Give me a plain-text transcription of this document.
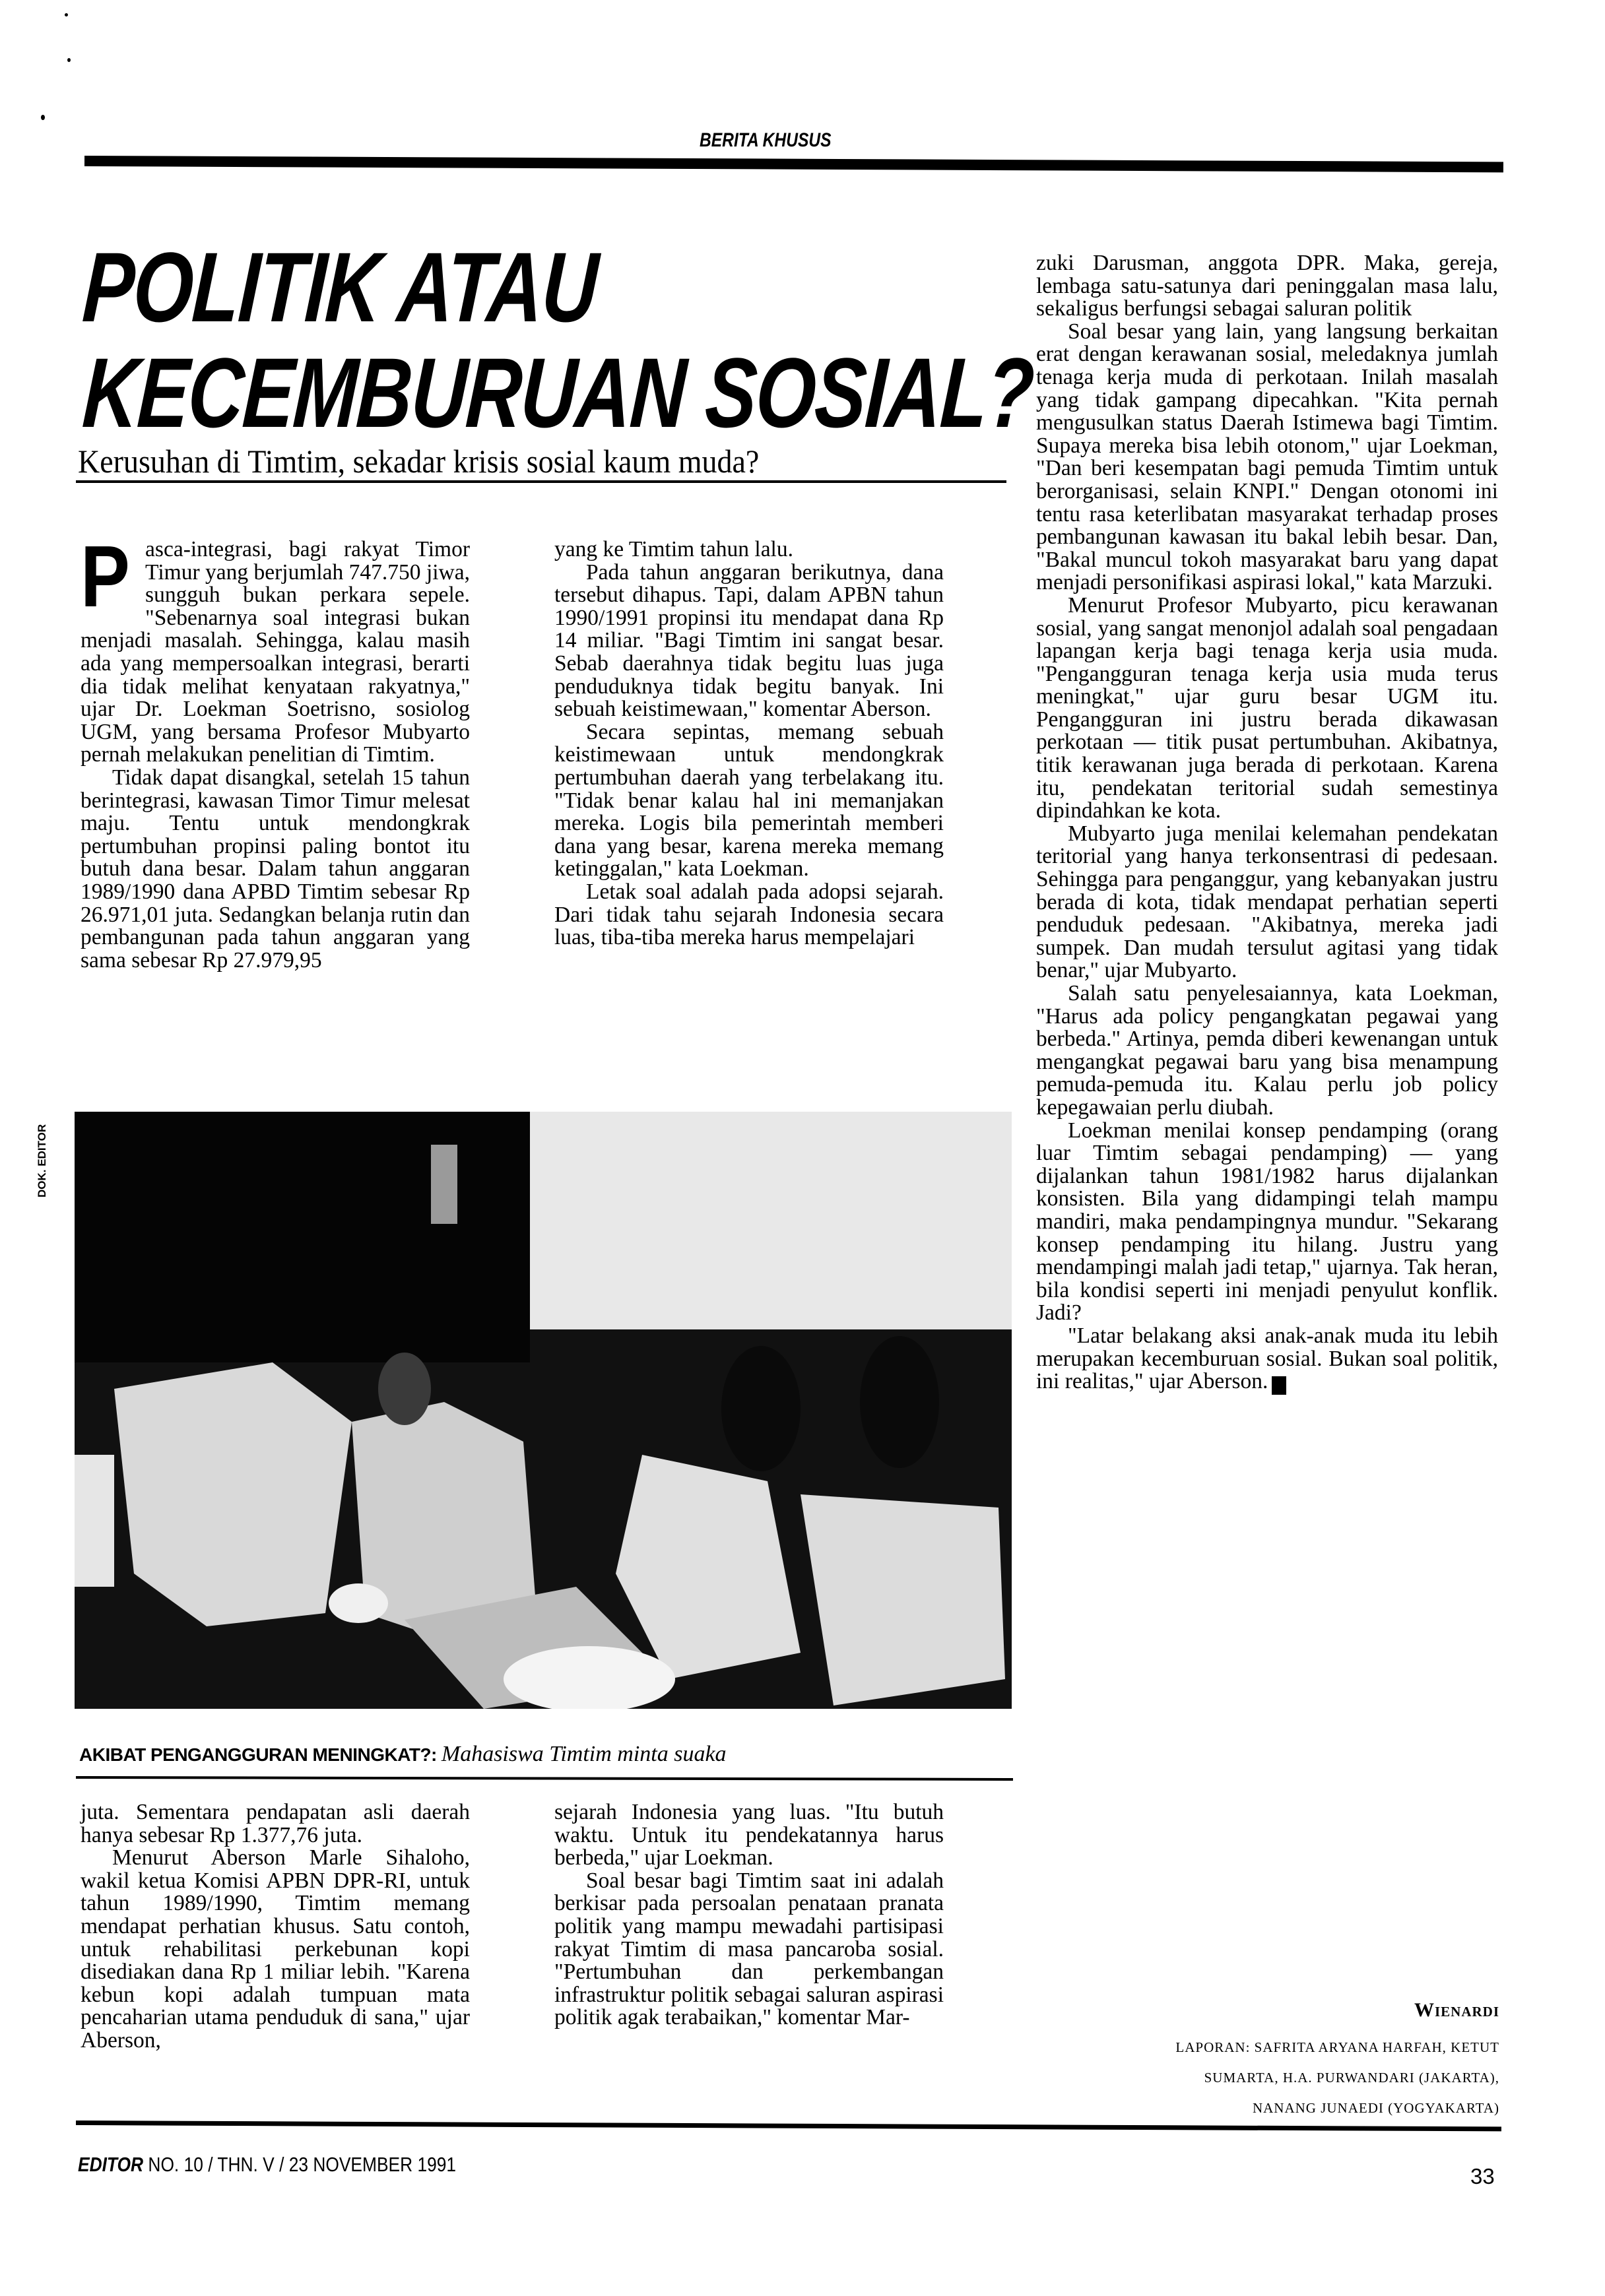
BERITA KHUSUS
POLITIK ATAU
KECEMBURUAN SOSIAL?
Kerusuhan di Timtim, sekadar krisis sosial kaum muda?
P asca-integrasi, bagi rakyat Timor Timur yang berjumlah 747.750 jiwa, sungguh bukan perkara sepele. "Sebenarnya soal integrasi bukan menjadi masalah. Sehingga, kalau masih ada yang mempersoalkan integrasi, berarti dia tidak melihat kenyataan rakyatnya," ujar Dr. Loekman Soetrisno, sosiolog UGM, yang bersama Profesor Mubyarto pernah melakukan penelitian di Timtim.

Tidak dapat disangkal, setelah 15 tahun berintegrasi, kawasan Timor Timur melesat maju. Tentu untuk mendongkrak pertumbuhan propinsi paling bontot itu butuh dana besar. Dalam tahun anggaran 1989/1990 dana APBD Timtim sebesar Rp 26.971,01 juta. Sedangkan belanja rutin dan pembangunan pada tahun anggaran yang sama sebesar Rp 27.979,95

yang ke Timtim tahun lalu.

Pada tahun anggaran berikutnya, dana tersebut dihapus. Tapi, dalam APBN tahun 1990/1991 propinsi itu mendapat dana Rp 14 miliar. "Bagi Timtim ini sangat besar. Sebab daerahnya tidak begitu luas juga penduduknya tidak begitu banyak. Ini sebuah keistimewaan," komentar Aberson.

Secara sepintas, memang sebuah keistimewaan untuk mendongkrak pertumbuhan daerah yang terbelakang itu. "Tidak benar kalau hal ini memanjakan mereka. Logis bila pemerintah memberi dana yang besar, karena mereka memang ketinggalan," kata Loekman.

Letak soal adalah pada adopsi sejarah. Dari tidak tahu sejarah Indonesia secara luas, tiba-tiba mereka harus mempelajari

DOK. EDITOR
AKIBAT PENGANGGURAN MENINGKAT?: Mahasiswa Timtim minta suaka

juta. Sementara pendapatan asli daerah hanya sebesar Rp 1.377,76 juta.

Menurut Aberson Marle Sihaloho, wakil ketua Komisi APBN DPR-RI, untuk tahun 1989/1990, Timtim memang mendapat perhatian khusus. Satu contoh, untuk rehabilitasi perkebunan kopi disediakan dana Rp 1 miliar lebih. "Karena kebun kopi adalah tumpuan mata pencaharian utama penduduk di sana," ujar Aberson,

sejarah Indonesia yang luas. "Itu butuh waktu. Untuk itu pendekatannya harus berbeda," ujar Loekman.

Soal besar bagi Timtim saat ini adalah berkisar pada persoalan penataan pranata politik yang mampu mewadahi partisipasi rakyat Timtim di masa pancaroba sosial. "Pertumbuhan dan perkembangan infrastruktur politik sebagai saluran aspirasi politik agak terabaikan," komentar Mar-

zuki Darusman, anggota DPR. Maka, gereja, lembaga satu-satunya dari peninggalan masa lalu, sekaligus berfungsi sebagai saluran politik

Soal besar yang lain, yang langsung berkaitan erat dengan kerawanan sosial, meledaknya jumlah tenaga kerja muda di perkotaan. Inilah masalah yang tidak gampang dipecahkan. "Kita pernah mengusulkan status Daerah Istimewa bagi Timtim. Supaya mereka bisa lebih otonom," ujar Loekman, "Dan beri kesempatan bagi pemuda Timtim untuk berorganisasi, selain KNPI." Dengan otonomi ini tentu rasa keterlibatan masyarakat terhadap proses pembangunan kawasan itu bakal lebih besar. Dan, "Bakal muncul tokoh masyarakat baru yang dapat menjadi personifikasi aspirasi lokal," kata Marzuki.

Menurut Profesor Mubyarto, picu kerawanan sosial, yang sangat menonjol adalah soal pengadaan lapangan kerja bagi tenaga kerja usia muda. "Pengangguran tenaga kerja usia muda terus meningkat," ujar guru besar UGM itu. Pengangguran ini justru berada dikawasan perkotaan — titik pusat pertumbuhan. Akibatnya, titik kerawanan juga berada di perkotaan. Karena itu, pendekatan teritorial sudah semestinya dipindahkan ke kota.

Mubyarto juga menilai kelemahan pendekatan teritorial yang hanya terkonsentrasi di pedesaan. Sehingga para penganggur, yang kebanyakan justru berada di kota, tidak mendapat perhatian seperti penduduk pedesaan. "Akibatnya, mereka jadi sumpek. Dan mudah tersulut agitasi yang tidak benar," ujar Mubyarto.

Salah satu penyelesaiannya, kata Loekman, "Harus ada policy pengangkatan pegawai yang berbeda." Artinya, pemda diberi kewenangan untuk mengangkat pegawai baru yang bisa menampung pemuda-pemuda itu. Kalau perlu job policy kepegawaian perlu diubah.

Loekman menilai konsep pendamping (orang luar Timtim sebagai pendamping) — yang dijalankan tahun 1981/1982 harus dijalankan konsisten. Bila yang didampingi telah mampu mandiri, maka pendampingnya mundur. "Sekarang konsep pendamping itu hilang. Justru yang mendampingi malah jadi tetap," ujarnya. Tak heran, bila kondisi seperti ini menjadi penyulut konflik. Jadi?

"Latar belakang aksi anak-anak muda itu lebih merupakan kecemburuan sosial. Bukan soal politik, ini realitas," ujar Aberson. E

Wienardi
LAPORAN: SAFRITA ARYANA HARFAH, KETUT SUMARTA, H.A. PURWANDARI (JAKARTA), NANANG JUNAEDI (YOGYAKARTA)
EDITOR NO. 10 / THN. V / 23 NOVEMBER 1991	33
